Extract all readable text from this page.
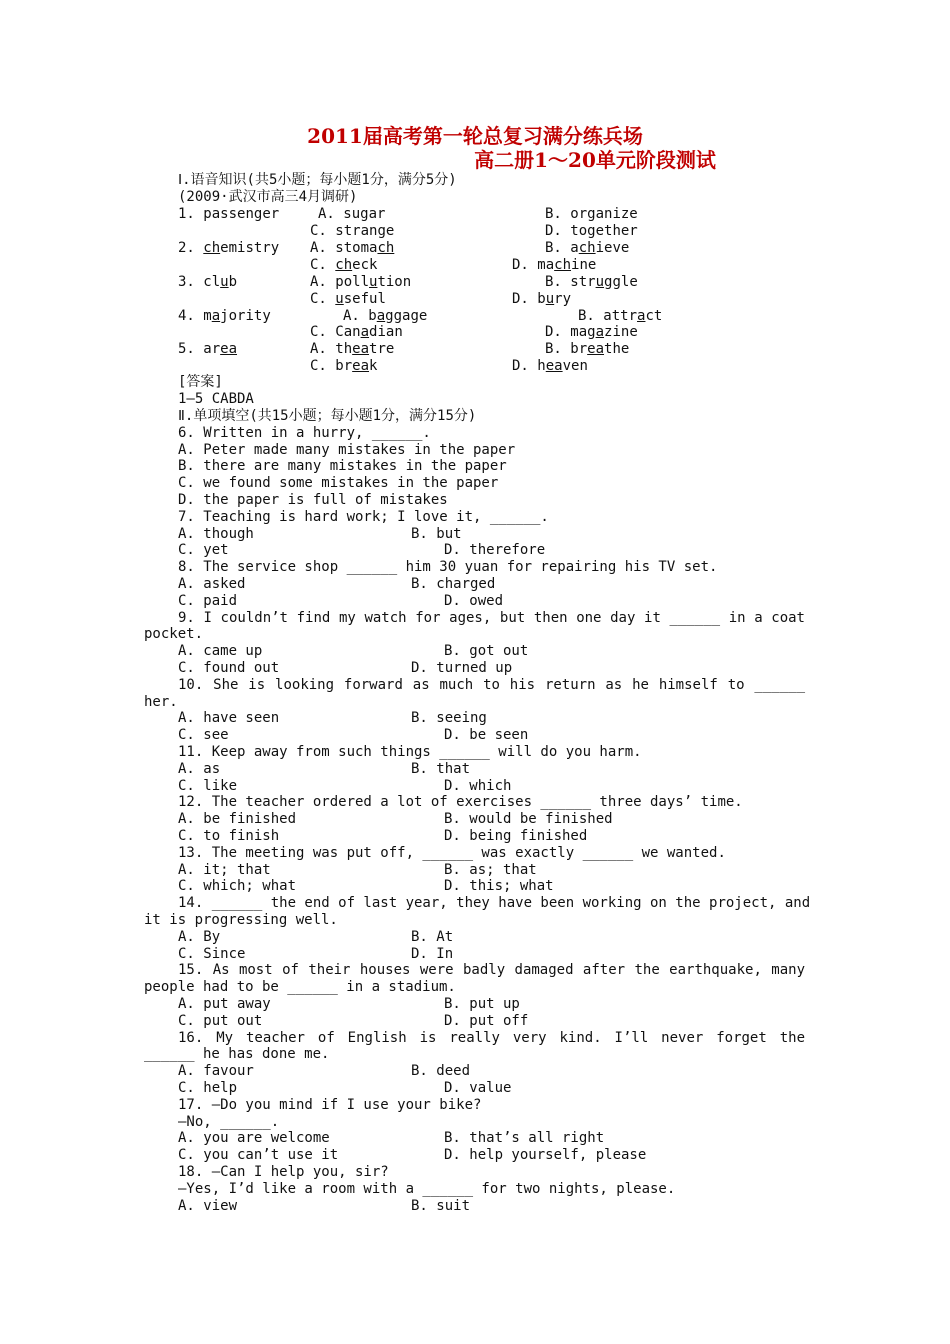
2011届高考第一轮总复习满分练兵场
高二册1～20单元阶段测试
Ⅰ.语音知识(共5小题；每小题1分，满分5分)
(2009·武汉市高三4月调研)
1. passenger	A. sugar	B. organize
C. strange	D. together
2. chemistry A. stomach	B. achieve
C. check	D. machine
3. club	A. pollution	B. struggle
C. useful	D. bury
4. majority	A. baggage	B. attract
C. Canadian	D. magazine
5. area	A. theatre	B. breathe
C. break	D. heaven
[答案]
1—5 CABDA
Ⅱ.单项填空(共15小题；每小题1分，满分15分)
6. Written in a hurry, ______.
A. Peter made many mistakes in the paper
B. there are many mistakes in the paper
C. we found some mistakes in the paper
D. the paper is full of mistakes
7. Teaching is hard work; I love it, ______.
A. though	B. but
C. yet	D. therefore
8. The service shop ______ him 30 yuan for repairing his TV set.
A. asked	B. charged
C. paid	D. owed
9. I couldn’t find my watch for ages, but then one day it ______ in a coat
pocket.
A. came up	B. got out
C. found out	D. turned up
10. She is looking forward as much to his return as he himself to ______
her.
A. have seen	B. seeing
C. see	D. be seen
11. Keep away from such things ______ will do you harm.
A. as	B. that
C. like	D. which
12. The teacher ordered a lot of exercises ______ three days’ time.
A. be finished	B. would be finished
C. to finish	D. being finished
13. The meeting was put off, ______ was exactly ______ we wanted.
A. it; that	B. as; that
C. which; what	D. this; what
14. ______ the end of last year, they have been working on the project, and
it is progressing well.
A. By	B. At
C. Since	D. In
15. As most of their houses were badly damaged after the earthquake, many
people had to be ______ in a stadium.
A. put away	B. put up
C. put out	D. put off
16. My teacher of English is really very kind. I’ll never forget the
______ he has done me.
A. favour	B. deed
C. help	D. value
17. —Do you mind if I use your bike?
—No, ______.
A. you are welcome	B. that’s all right
C. you can’t use it	D. help yourself, please
18. —Can I help you, sir?
—Yes, I’d like a room with a ______ for two nights, please.
A. view	B. suit
